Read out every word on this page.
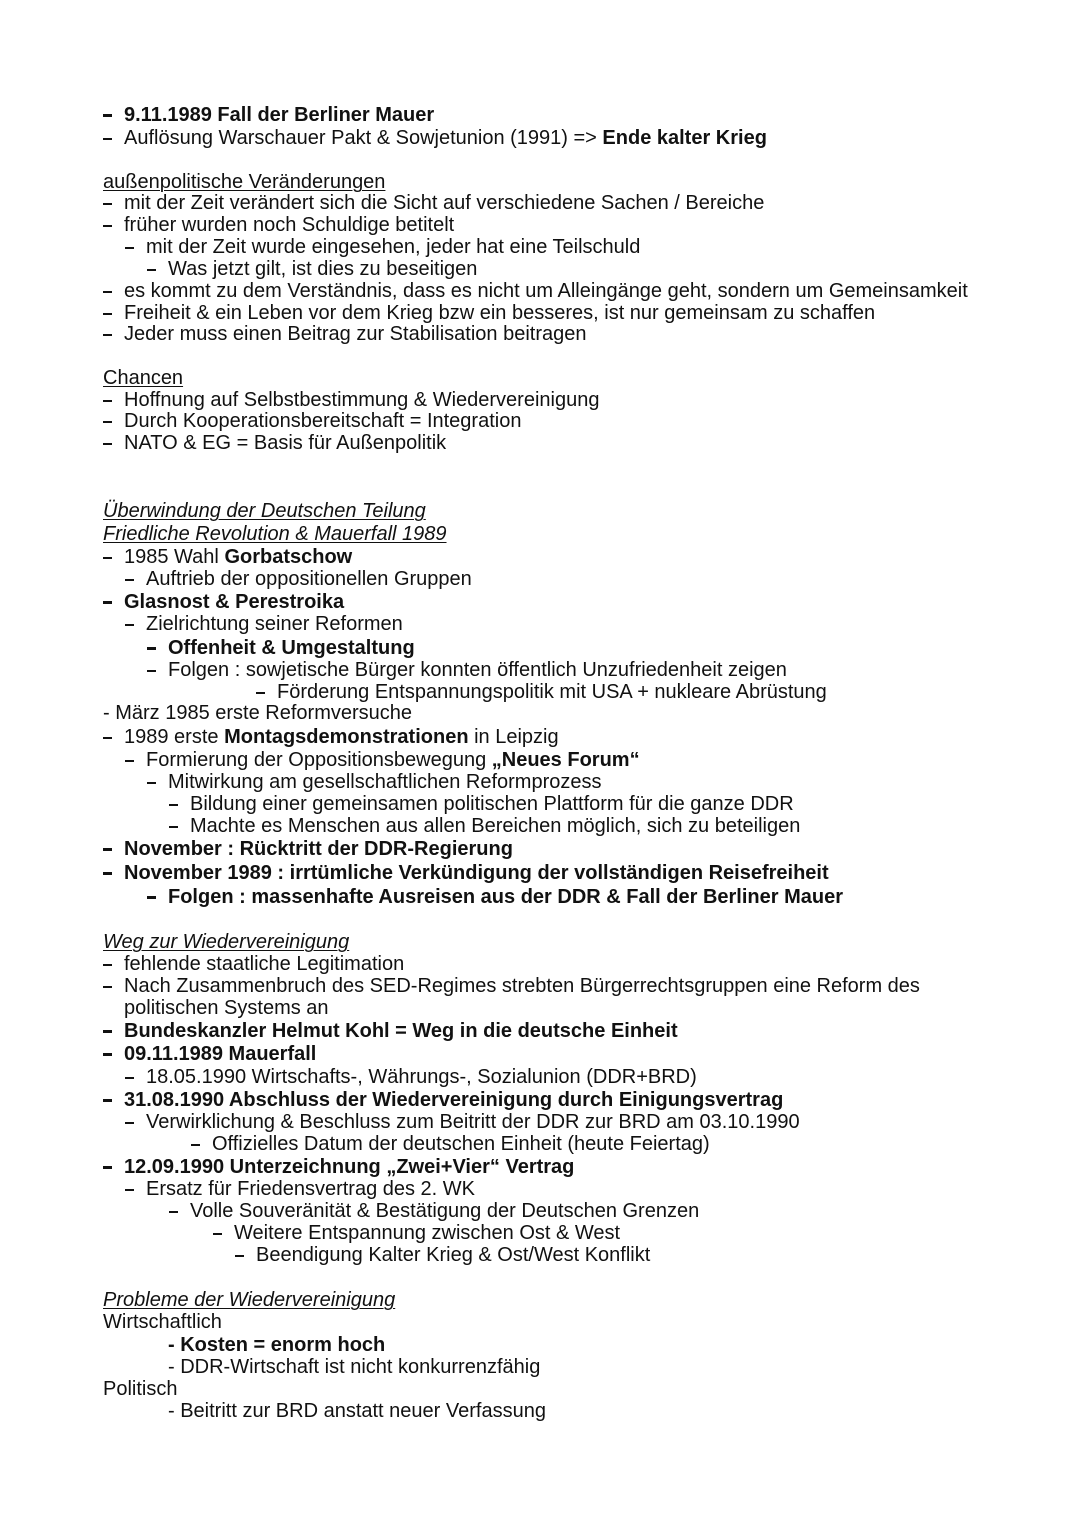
9.11.1989 Fall der Berliner Mauer
Auflösung Warschauer Pakt & Sowjetunion (1991) => Ende kalter Krieg
außenpolitische Veränderungen
mit der Zeit verändert sich die Sicht auf verschiedene Sachen / Bereiche
früher wurden noch Schuldige betitelt
mit der Zeit wurde eingesehen, jeder hat eine Teilschuld
Was jetzt gilt, ist dies zu beseitigen
es kommt zu dem Verständnis, dass es nicht um Alleingänge geht, sondern um Gemeinsamkeit
Freiheit & ein Leben vor dem Krieg bzw ein besseres, ist nur gemeinsam zu schaffen
Jeder muss einen Beitrag zur Stabilisation beitragen
Chancen
Hoffnung auf Selbstbestimmung & Wiedervereinigung
Durch Kooperationsbereitschaft = Integration
NATO & EG = Basis für Außenpolitik
Überwindung der Deutschen Teilung
Friedliche Revolution & Mauerfall 1989
1985 Wahl Gorbatschow
Auftrieb der oppositionellen Gruppen
Glasnost & Perestroika
Zielrichtung seiner Reformen
Offenheit & Umgestaltung
Folgen : sowjetische Bürger konnten öffentlich Unzufriedenheit zeigen
Förderung Entspannungspolitik mit USA + nukleare Abrüstung
- März 1985 erste Reformversuche
1989 erste Montagsdemonstrationen in Leipzig
Formierung der Oppositionsbewegung „Neues Forum“
Mitwirkung am gesellschaftlichen Reformprozess
Bildung einer gemeinsamen politischen Plattform für die ganze DDR
Machte es Menschen aus allen Bereichen möglich, sich zu beteiligen
November : Rücktritt der DDR-Regierung
November 1989 : irrtümliche Verkündigung der vollständigen Reisefreiheit
Folgen : massenhafte Ausreisen aus der DDR & Fall der Berliner Mauer
Weg zur Wiedervereinigung
fehlende staatliche Legitimation
Nach Zusammenbruch des SED-Regimes strebten Bürgerrechtsgruppen eine Reform des
politischen Systems an
Bundeskanzler Helmut Kohl = Weg in die deutsche Einheit
09.11.1989 Mauerfall
18.05.1990 Wirtschafts-, Währungs-, Sozialunion (DDR+BRD)
31.08.1990 Abschluss der Wiedervereinigung durch Einigungsvertrag
Verwirklichung & Beschluss zum Beitritt der DDR zur BRD am 03.10.1990
Offizielles Datum der deutschen Einheit (heute Feiertag)
12.09.1990 Unterzeichnung „Zwei+Vier“ Vertrag
Ersatz für Friedensvertrag des 2. WK
Volle Souveränität & Bestätigung der Deutschen Grenzen
Weitere Entspannung zwischen Ost & West
Beendigung Kalter Krieg & Ost/West Konflikt
Probleme der Wiedervereinigung
Wirtschaftlich
- Kosten = enorm hoch
- DDR-Wirtschaft ist nicht konkurrenzfähig
Politisch
- Beitritt zur BRD anstatt neuer Verfassung
